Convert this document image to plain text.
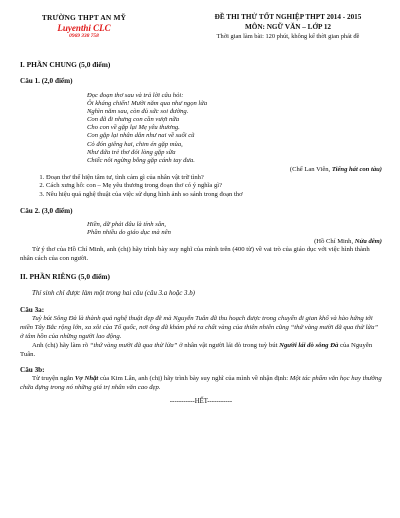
TRƯỜNG THPT AN MỸ
Luyenthi CLC
0969 338 758
ĐỀ THI THỬ TỐT NGHIỆP THPT 2014 - 2015
MÔN: NGỮ VĂN – LỚP 12
Thời gian làm bài: 120 phút, không kể thời gian phát đề
I. PHẦN CHUNG (5,0 điểm)
Câu 1. (2,0 điểm)
Đọc đoạn thơ sau và trả lời câu hỏi:
Ôi kháng chiến! Mười năm qua như ngọn lửa
Nghìn năm sau, còn đủ sức soi đường.
Con đã đi nhưng con cần vượt nữa
Cho con về gặp lại Mẹ yêu thương.
Con gặp lại nhân dân như nai về suối cũ
Cỏ đón giêng hai, chim én gặp mùa,
Như đứa trẻ thơ đói lòng gặp sữa
Chiếc nôi ngừng bỗng gặp cánh tay đưa.
(Chế Lan Viên, Tiếng hát con tàu)
1. Đoạn thơ thể hiện tâm tư, tình cảm gì của nhân vật trữ tình?
2. Cách xưng hô: con – Mẹ yêu thương trong đoạn thơ có ý nghĩa gì?
3. Nêu hiệu quả nghệ thuật của việc sử dụng hình ảnh so sánh trong đoạn thơ
Câu 2. (3,0 điểm)
Hiền, dữ phải đâu là tính sẵn,
Phần nhiều do giáo dục mà nên
(Hồ Chí Minh, Nửa đêm)
Từ ý thơ của Hồ Chí Minh, anh (chị) hãy trình bày suy nghĩ của mình trên (400 từ) về vai trò của giáo dục với việc hình thành nhân cách của con người.
II. PHẦN RIÊNG (5,0 điểm)
Thí sinh chỉ được làm một trong hai câu (câu 3.a hoặc 3.b)
Câu 3a:
Tuỳ bút Sông Đà là thành quả nghệ thuật đẹp đẽ mà Nguyễn Tuân đã thu hoạch được trong chuyến đi gian khổ và hào hứng tới miền Tây Bắc rộng lớn, xa xôi của Tổ quốc, nơi ông đã khám phá ra chất vàng của thiên nhiên cũng “thứ vàng mười đã qua thử lửa” ở tâm hồn của những người lao động.
Anh (chị) hãy làm rõ “thứ vàng mười đã qua thử lửa” ở nhân vật người lái đò trong tuỳ bút Người lái đò sông Đà của Nguyễn Tuân.
Câu 3b:
Từ truyện ngắn Vợ Nhặt của Kim Lân, anh (chị) hãy trình bày suy nghĩ của mình về nhận định: Một tác phẩm văn học hay thường chứa đựng trong nó những giá trị nhân văn cao đẹp.
-----------HẾT-----------
